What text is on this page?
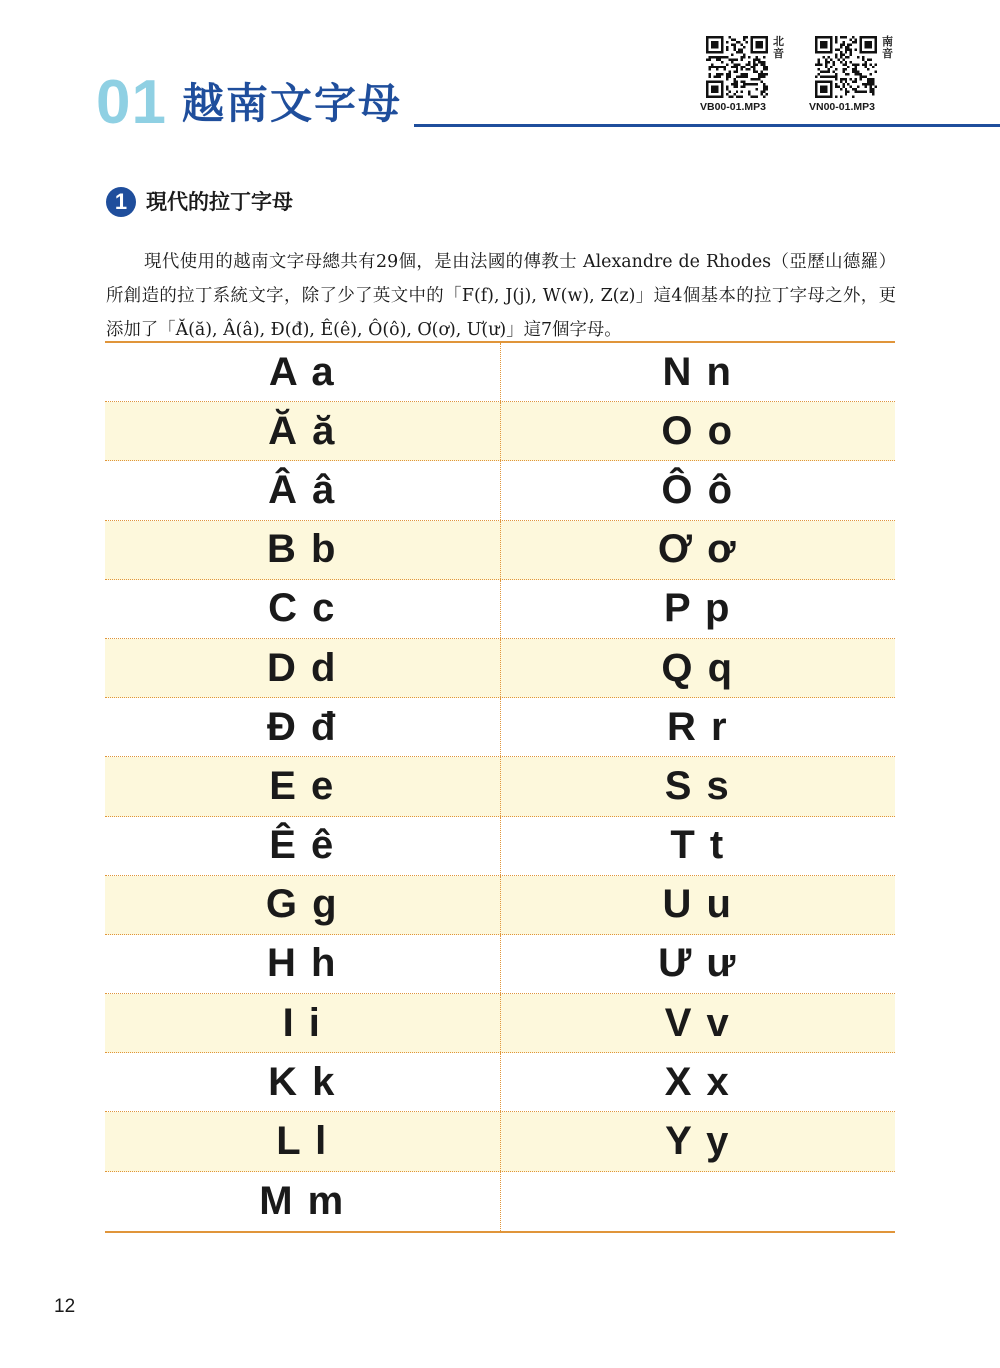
01 越南文字母
北音
VB00-01.MP3
南音
VN00-01.MP3
1 現代的拉丁字母

現代使用的越南文字母總共有29個，是由法國的傳教士 Alexandre de Rhodes（亞歷山德羅）所創造的拉丁系統文字，除了少了英文中的「F(f), J(j), W(w), Z(z)」這4個基本的拉丁字母之外，更添加了「Ă(ă), Â(â), Đ(đ), Ê(ê), Ô(ô), Ơ(ơ), Ư(ư)」這7個字母。

A a	N n
Ă ă	O o
Â â	Ô ô
B b	Ơ ơ
C c	P p
D d	Q q
Đ đ	R r
E e	S s
Ê ê	T t
G g	U u
H h	Ư ư
I i	V v
K k	X x
L l	Y y
M m
12
